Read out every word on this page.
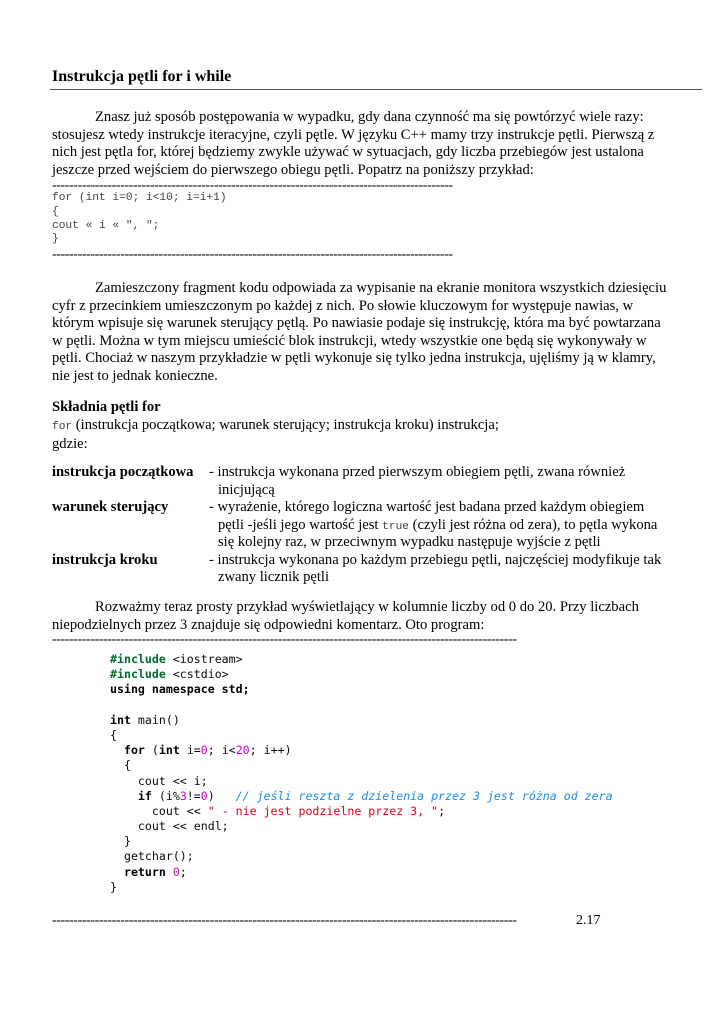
Instrukcja pętli for i while
Znasz już sposób postępowania w wypadku, gdy dana czynność ma się powtórzyć wiele razy:
stosujesz wtedy instrukcje iteracyjne, czyli pętle. W języku C++ mamy trzy instrukcje pętli. Pierwszą z
nich jest pętla for, której będziemy zwykle używać w sytuacjach, gdy liczba przebiegów jest ustalona
jeszcze przed wejściem do pierwszego obiegu pętli. Popatrz na poniższy przykład:
----------------------------------------------------------------------------------------------
for (int i=0; i<10; i=i+1)
{
cout « i « ", ";
}
----------------------------------------------------------------------------------------------
Zamieszczony fragment kodu odpowiada za wypisanie na ekranie monitora wszystkich dziesięciu
cyfr z przecinkiem umieszczonym po każdej z nich. Po słowie kluczowym for występuje nawias, w
którym wpisuje się warunek sterujący pętlą. Po nawiasie podaje się instrukcję, która ma być powtarzana
w pętli. Można w tym miejscu umieścić blok instrukcji, wtedy wszystkie one będą się wykonywały w
pętli. Chociaż w naszym przykładzie w pętli wykonuje się tylko jedna instrukcja, ujęliśmy ją w klamry,
nie jest to jednak konieczne.
Składnia pętli for
for (instrukcja początkowa; warunek sterujący; instrukcja kroku) instrukcja;
gdzie:
instrukcja początkowa - instrukcja wykonana przed pierwszym obiegiem pętli, zwana również
inicjującą
warunek sterujący	- wyrażenie, którego logiczna wartość jest badana przed każdym obiegiem
pętli -jeśli jego wartość jest true (czyli jest różna od zera), to pętla wykona
się kolejny raz, w przeciwnym wypadku następuje wyjście z pętli
instrukcja kroku	- instrukcja wykonana po każdym przebiegu pętli, najczęściej modyfikuje tak
zwany licznik pętli
Rozważmy teraz prosty przykład wyświetlający w kolumnie liczby od 0 do 20. Przy liczbach
niepodzielnych przez 3 znajduje się odpowiedni komentarz. Oto program:
-------------------------------------------------------------------------------------------------------------
#include <iostream>
#include <cstdio>
using namespace std;
int main()
{
for (int i=0; i<20; i++)
{
cout << i;
if (i%3!=0)   // jeśli reszta z dzielenia przez 3 jest różna od zera
cout << " - nie jest podzielne przez 3, ";
cout << endl;
}
getchar();
return 0;
}
-------------------------------------------------------------------------------------------------------------	2.17
